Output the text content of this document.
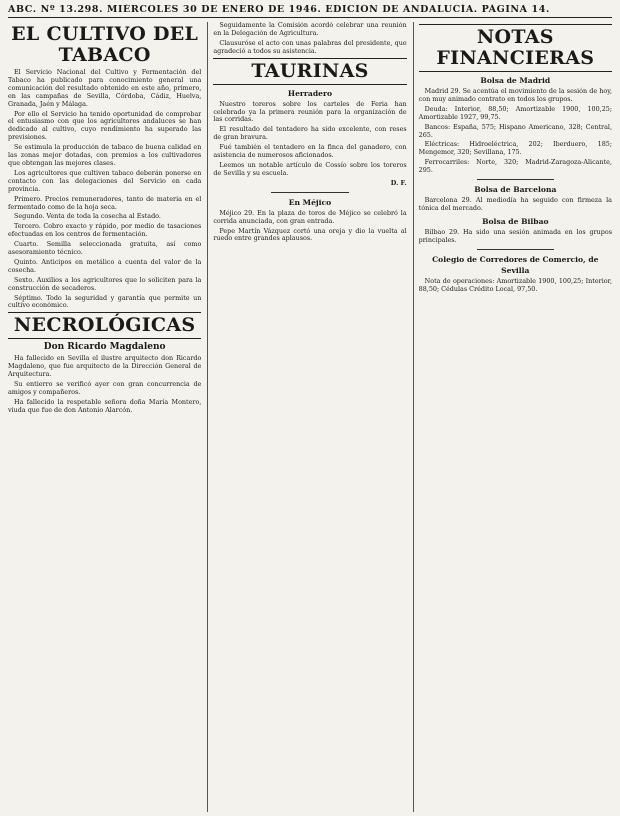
ABC. Nº 13.298. MIÉRCOLES 30 DE ENERO DE 1946. EDICIÓN DE ANDALUCÍA. PÁGINA 14.
EL CULTIVO DEL TABACO

El Servicio Nacional del Cultivo y Fermentación del Tabaco ha publicado para conocimiento general una comunicación del resultado obtenido en este año, primero, en las campañas de Sevilla, Córdoba, Cádiz, Huelva, Granada, Jaén y Málaga.

Por ello el Servicio ha tenido oportunidad de comprobar el entusiasmo con que los agricultores andaluces se han dedicado al cultivo, cuyo rendimiento ha superado las previsiones.

Se estimula la producción de tabaco de buena calidad en las zonas mejor dotadas, con premios a los cultivadores que obtengan las mejores clases.

Los agricultores que cultiven tabaco deberán ponerse en contacto con las delegaciones del Servicio en cada provincia.

Primero. Precios remuneradores, tanto de materia en el fermentado como de la hoja seca.

Segundo. Venta de toda la cosecha al Estado.

Tercero. Cobro exacto y rápido, por medio de tasaciones efectuadas en los centros de fermentación.

Cuarto. Semilla seleccionada gratuita, así como asesoramiento técnico.

Quinto. Anticipos en metálico a cuenta del valor de la cosecha.

Sexto. Auxilios a los agricultores que lo soliciten para la construcción de secaderos.

Séptimo. Todo la seguridad y garantía que permite un cultivo económico.

NECROLÓGICAS
Don Ricardo Magdaleno

Ha fallecido en Sevilla el ilustre arquitecto don Ricardo Magdaleno, que fue arquitecto de la Dirección General de Arquitectura.

Su entierro se verificó ayer con gran concurrencia de amigos y compañeros.

Ha fallecido la respetable señora doña María Montero, viuda que fue de don Antonio Alarcón.

Seguidamente la Comisión acordó celebrar una reunión en la Delegación de Agricultura.

Clausuróse el acto con unas palabras del presidente, que agradeció a todos su asistencia.

TAURINAS
Herradero

Nuestro toreros sobre los carteles de Feria han celebrado ya la primera reunión para la organización de las corridas.

El resultado del tentadero ha sido excelente, con reses de gran bravura.

Fué también el tentadero en la finca del ganadero, con asistencia de numerosos aficionados.

Leemos un notable artículo de Cossío sobre los toreros de Sevilla y su escuela.

D. F.
En Méjico

Méjico 29. En la plaza de toros de Méjico se celebró la corrida anunciada, con gran entrada.

Pepe Martín Vázquez cortó una oreja y dio la vuelta al ruedo entre grandes aplausos.

NOTAS FINANCIERAS
Bolsa de Madrid

Madrid 29. Se acentúa el movimiento de la sesión de hoy, con muy animado contrato en todos los grupos.

Deuda: Interior, 88,50; Amortizable 1900, 100,25; Amortizable 1927, 99,75.

Bancos: España, 575; Hispano Americano, 328; Central, 265.

Eléctricas: Hidroeléctrica, 202; Iberduero, 185; Mengemor, 320; Sevillana, 175.

Ferrocarriles: Norte, 320; Madrid-Zaragoza-Alicante, 295.

Bolsa de Barcelona

Barcelona 29. Al mediodía ha seguido con firmeza la tónica del mercado.

Bolsa de Bilbao

Bilbao 29. Ha sido una sesión animada en los grupos principales.

Colegio de Corredores de Comercio, de Sevilla

Nota de operaciones: Amortizable 1900, 100,25; Interior, 88,50; Cédulas Crédito Local, 97,50.
